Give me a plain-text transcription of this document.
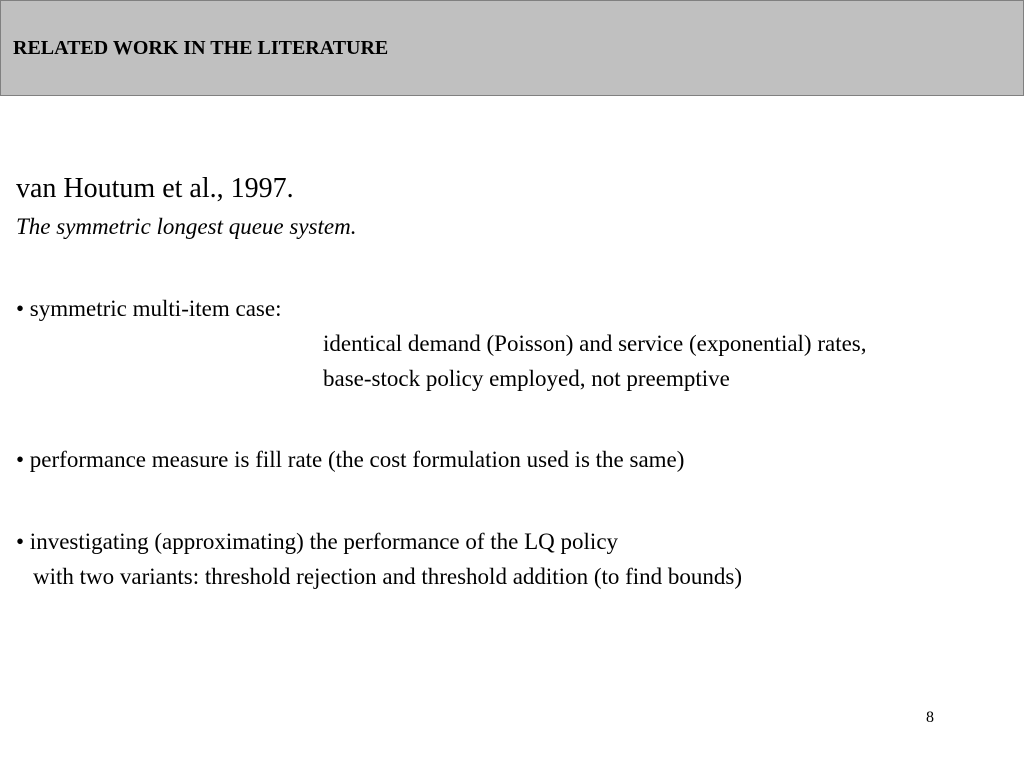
RELATED WORK IN THE LITERATURE
van Houtum et al., 1997.
The symmetric longest queue system.
• symmetric multi-item case:
identical demand (Poisson) and service (exponential) rates,
base-stock policy employed, not preemptive
• performance measure is fill rate (the cost formulation used is the same)
• investigating (approximating) the performance of the LQ policy
with two variants: threshold rejection and threshold addition (to find bounds)
8
